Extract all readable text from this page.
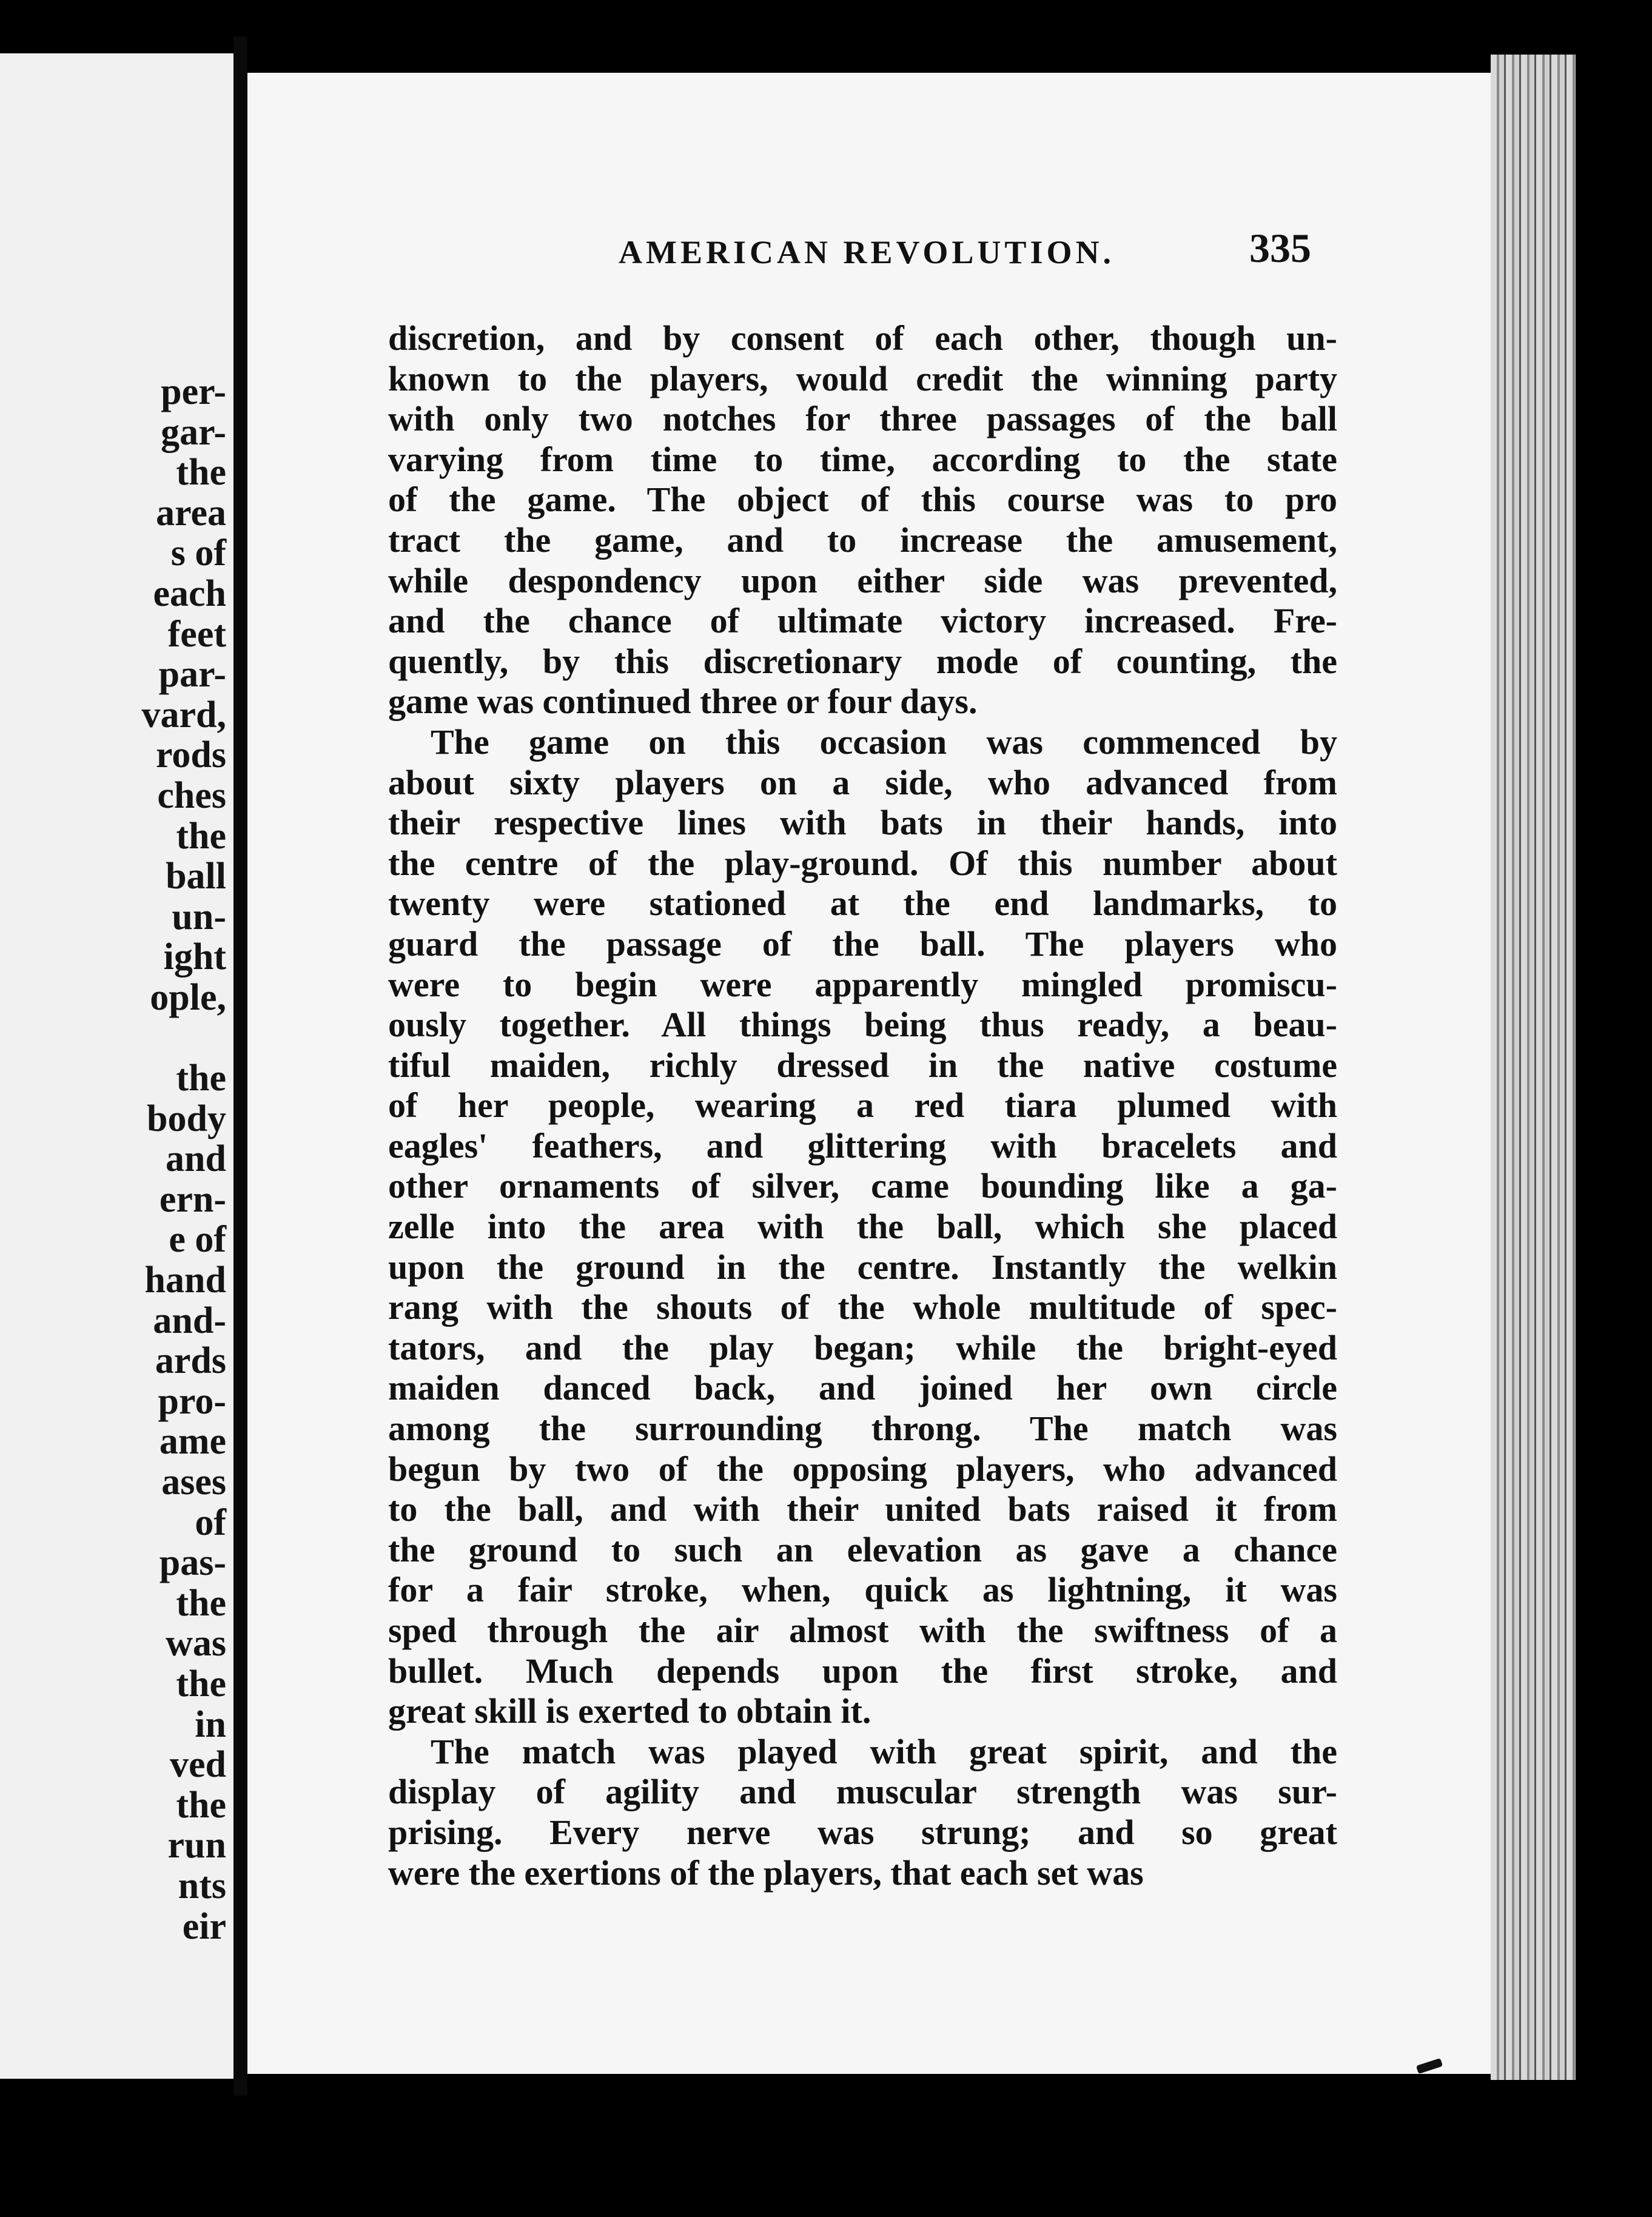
per-
gar-
the
area
s of
each
feet
par-
vard,
rods
ches
the
ball
un-
ight
ople,
the
body
and
ern-
e of
hand
and-
ards
pro-
ame
ases
of
pas-
the
was
the
in
ved
the
run
nts
eir
AMERICAN REVOLUTION.	335
discretion, and by consent of each other, though un-
known to the players, would credit the winning party
with only two notches for three passages of the ball
varying from time to time, according to the state
of the game. The object of this course was to pro
tract the game, and to increase the amusement,
while despondency upon either side was prevented,
and the chance of ultimate victory increased. Fre-
quently, by this discretionary mode of counting, the
game was continued three or four days.
The game on this occasion was commenced by
about sixty players on a side, who advanced from
their respective lines with bats in their hands, into
the centre of the play-ground. Of this number about
twenty were stationed at the end landmarks, to
guard the passage of the ball. The players who
were to begin were apparently mingled promiscu-
ously together. All things being thus ready, a beau-
tiful maiden, richly dressed in the native costume
of her people, wearing a red tiara plumed with
eagles' feathers, and glittering with bracelets and
other ornaments of silver, came bounding like a ga-
zelle into the area with the ball, which she placed
upon the ground in the centre. Instantly the welkin
rang with the shouts of the whole multitude of spec-
tators, and the play began; while the bright-eyed
maiden danced back, and joined her own circle
among the surrounding throng. The match was
begun by two of the opposing players, who advanced
to the ball, and with their united bats raised it from
the ground to such an elevation as gave a chance
for a fair stroke, when, quick as lightning, it was
sped through the air almost with the swiftness of a
bullet. Much depends upon the first stroke, and
great skill is exerted to obtain it.
The match was played with great spirit, and the
display of agility and muscular strength was sur-
prising. Every nerve was strung; and so great
were the exertions of the players, that each set was
